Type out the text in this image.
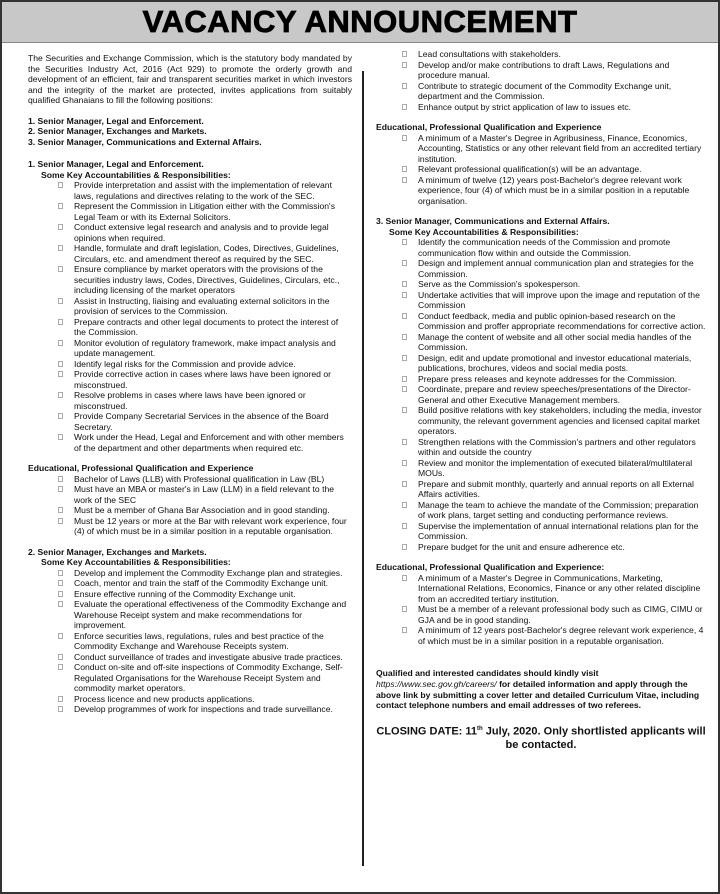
VACANCY ANNOUNCEMENT

The Securities and Exchange Commission, which is the statutory body mandated by the Securities Industry Act, 2016 (Act 929) to promote the orderly growth and development of an efficient, fair and transparent securities market in which investors and the integrity of the market are protected, invites applications from suitably qualified Ghanaians to fill the following positions:

1. Senior Manager, Legal and Enforcement.
2. Senior Manager, Exchanges and Markets.
3. Senior Manager, Communications and External Affairs.

1. Senior Manager, Legal and Enforcement.

Some Key Accountabilities & Responsibilities:

Provide interpretation and assist with the implementation of relevant laws, regulations and directives relating to the work of the SEC.
Represent the Commission in Litigation either with the Commission's Legal Team or with its External Solicitors.
Conduct extensive legal research and analysis and to provide legal opinions when required.
Handle, formulate and draft legislation, Codes, Directives, Guidelines, Circulars, etc. and amendment thereof as required by the SEC.
Ensure compliance by market operators with the provisions of the securities industry laws, Codes, Directives, Guidelines, Circulars, etc., including licensing of the market operators
Assist in Instructing, liaising and evaluating external solicitors in the provision of services to the Commission.
Prepare contracts and other legal documents to protect the interest of the Commission.
Monitor evolution of regulatory framework, make impact analysis and update management.
Identify legal risks for the Commission and provide advice.
Provide corrective action in cases where laws have been ignored or misconstrued.
Resolve problems in cases where laws have been ignored or misconstrued.
Provide Company Secretarial Services in the absence of the Board Secretary.
Work under the Head, Legal and Enforcement and with other members of the department and other departments when required etc.

Educational, Professional Qualification and Experience

Bachelor of Laws (LLB) with Professional qualification in Law (BL)
Must have an MBA or master's in Law (LLM) in a field relevant to the work of the SEC
Must be a member of Ghana Bar Association and in good standing.
Must be 12 years or more at the Bar with relevant work experience, four (4) of which must be in a similar position in a reputable organisation.

2. Senior Manager, Exchanges and Markets.

Some Key Accountabilities & Responsibilities:

Develop and implement the Commodity Exchange plan and strategies.
Coach, mentor and train the staff of the Commodity Exchange unit.
Ensure effective running of the Commodity Exchange unit.
Evaluate the operational effectiveness of the Commodity Exchange and Warehouse Receipt system and make recommendations for improvement.
Enforce securities laws, regulations, rules and best practice of the Commodity Exchange and Warehouse Receipts system.
Conduct surveillance of trades and investigate abusive trade practices.
Conduct on-site and off-site inspections of Commodity Exchange, Self-Regulated Organisations for the Warehouse Receipt System and commodity market operators.
Process licence and new products applications.
Develop programmes of work for inspections and trade surveillance.
Lead consultations with stakeholders.
Develop and/or make contributions to draft Laws, Regulations and procedure manual.
Contribute to strategic document of the Commodity Exchange unit, department and the Commission.
Enhance output by strict application of law to issues etc.

Educational, Professional Qualification and Experience

A minimum of a Master's Degree in Agribusiness, Finance, Economics, Accounting, Statistics or any other relevant field from an accredited tertiary institution.
Relevant professional qualification(s) will be an advantage.
A minimum of twelve (12) years post-Bachelor's degree relevant work experience, four (4) of which must be in a similar position in a reputable organisation.

3. Senior Manager, Communications and External Affairs.

Some Key Accountabilities & Responsibilities:

Identify the communication needs of the Commission and promote communication flow within and outside the Commission.
Design and implement annual communication plan and strategies for the Commission.
Serve as the Commission's spokesperson.
Undertake activities that will improve upon the image and reputation of the Commission
Conduct feedback, media and public opinion-based research on the Commission and proffer appropriate recommendations for corrective action.
Manage the content of website and all other social media handles of the Commission.
Design, edit and update promotional and investor educational materials, publications, brochures, videos and social media posts.
Prepare press releases and keynote addresses for the Commission.
Coordinate, prepare and review speeches/presentations of the Director-General and other Executive Management members.
Build positive relations with key stakeholders, including the media, investor community, the relevant government agencies and licensed capital market operators.
Strengthen relations with the Commission's partners and other regulators within and outside the country
Review and monitor the implementation of executed bilateral/multilateral MOUs.
Prepare and submit monthly, quarterly and annual reports on all External Affairs activities.
Manage the team to achieve the mandate of the Commission; preparation of work plans, target setting and conducting performance reviews.
Supervise the implementation of annual international relations plan for the Commission.
Prepare budget for the unit and ensure adherence etc.

Educational, Professional Qualification and Experience:

A minimum of a Master's Degree in Communications, Marketing, International Relations, Economics, Finance or any other related discipline from an accredited tertiary institution.
Must be a member of a relevant professional body such as CIMG, CIMU or GJA and be in good standing.
A minimum of 12 years post-Bachelor's degree relevant work experience, 4 of which must be in a similar position in a reputable organisation.

Qualified and interested candidates should kindly visit https://www.sec.gov.gh/careers/ for detailed information and apply through the above link by submitting a cover letter and detailed Curriculum Vitae, including contact telephone numbers and email addresses of two referees.

CLOSING DATE: 11th July, 2020. Only shortlisted applicants will be contacted.
